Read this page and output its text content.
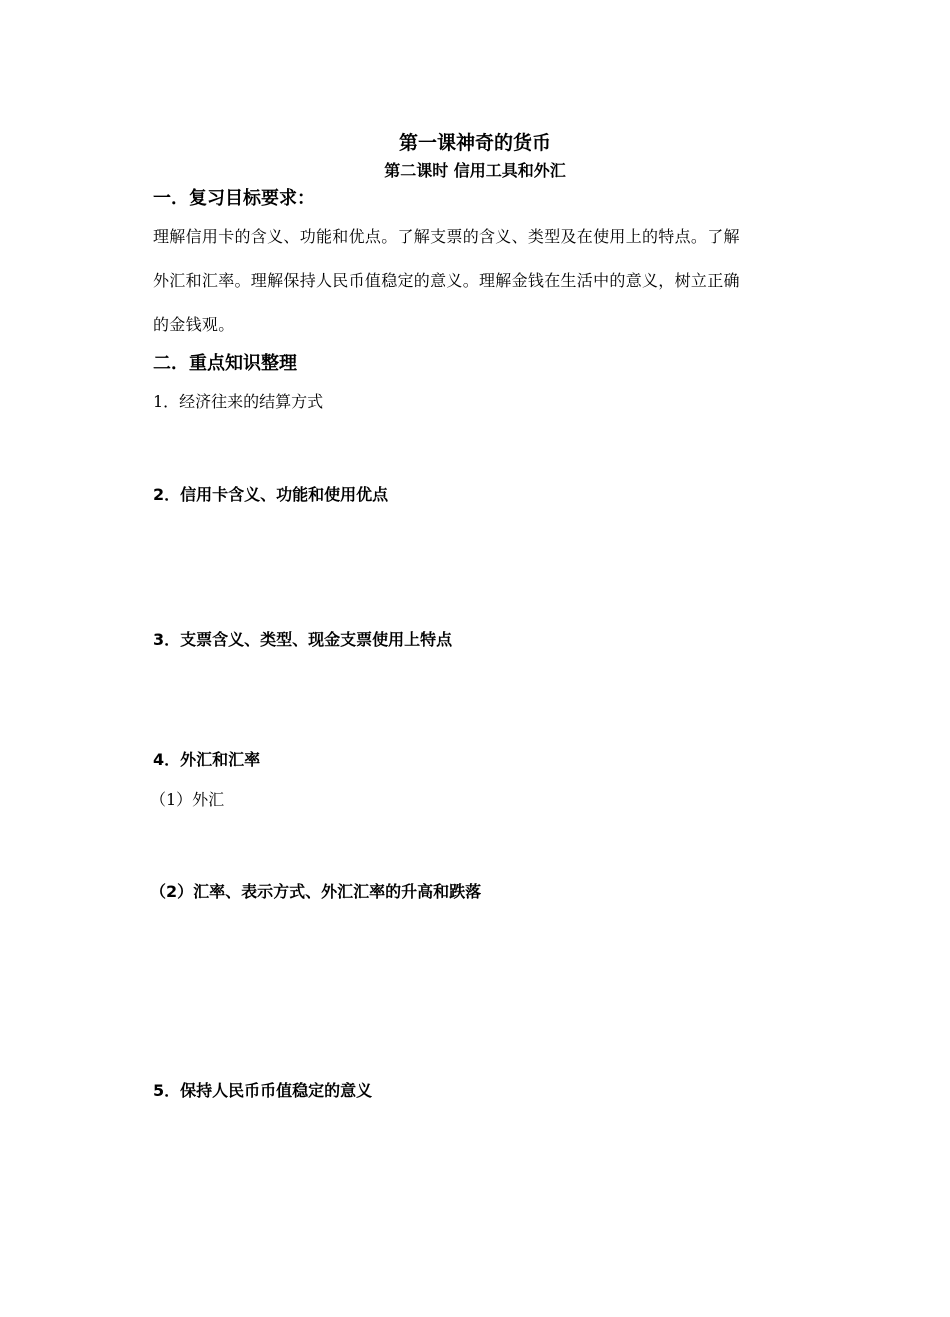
第一课神奇的货币
第二课时 信用工具和外汇
一．复习目标要求：
理解信用卡的含义、功能和优点。了解支票的含义、类型及在使用上的特点。了解
外汇和汇率。理解保持人民币值稳定的意义。理解金钱在生活中的意义，树立正确
的金钱观。
二．重点知识整理
1．经济往来的结算方式
2．信用卡含义、功能和使用优点
3．支票含义、类型、现金支票使用上特点
4．外汇和汇率
（1）外汇
（2）汇率、表示方式、外汇汇率的升高和跌落
5．保持人民币币值稳定的意义
